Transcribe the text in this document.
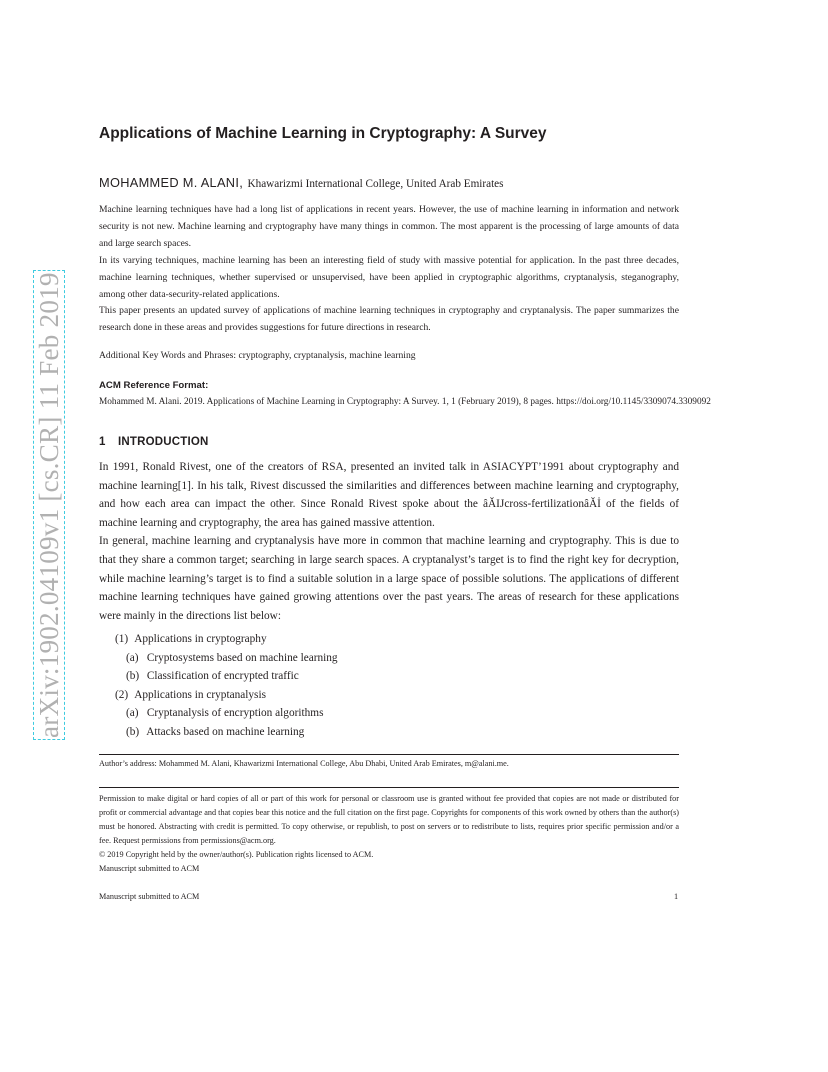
arXiv:1902.04109v1 [cs.CR] 11 Feb 2019
Applications of Machine Learning in Cryptography: A Survey
MOHAMMED M. ALANI, Khawarizmi International College, United Arab Emirates

Machine learning techniques have had a long list of applications in recent years. However, the use of machine learning in information and network security is not new. Machine learning and cryptography have many things in common. The most apparent is the processing of large amounts of data and large search spaces.

In its varying techniques, machine learning has been an interesting field of study with massive potential for application. In the past three decades, machine learning techniques, whether supervised or unsupervised, have been applied in cryptographic algorithms, cryptanalysis, steganography, among other data-security-related applications.

This paper presents an updated survey of applications of machine learning techniques in cryptography and cryptanalysis. The paper summarizes the research done in these areas and provides suggestions for future directions in research.

Additional Key Words and Phrases: cryptography, cryptanalysis, machine learning
ACM Reference Format:
Mohammed M. Alani. 2019. Applications of Machine Learning in Cryptography: A Survey. 1, 1 (February 2019), 8 pages. https://doi.org/10.1145/3309074.3309092
1 INTRODUCTION

In 1991, Ronald Rivest, one of the creators of RSA, presented an invited talk in ASIACYPT’1991 about cryptography and machine learning[1]. In his talk, Rivest discussed the similarities and differences between machine learning and cryptography, and how each area can impact the other. Since Ronald Rivest spoke about the âĂIJcross-fertilizationâĂİ of the fields of machine learning and cryptography, the area has gained massive attention.

In general, machine learning and cryptanalysis have more in common that machine learning and cryptography. This is due to that they share a common target; searching in large search spaces. A cryptanalyst’s target is to find the right key for decryption, while machine learning’s target is to find a suitable solution in a large space of possible solutions. The applications of different machine learning techniques have gained growing attentions over the past years. The areas of research for these applications were mainly in the directions list below:

(1) Applications in cryptography
(a) Cryptosystems based on machine learning
(b) Classification of encrypted traffic
(2) Applications in cryptanalysis
(a) Cryptanalysis of encryption algorithms
(b) Attacks based on machine learning
Author’s address: Mohammed M. Alani, Khawarizmi International College, Abu Dhabi, United Arab Emirates, m@alani.me.

Permission to make digital or hard copies of all or part of this work for personal or classroom use is granted without fee provided that copies are not made or distributed for profit or commercial advantage and that copies bear this notice and the full citation on the first page. Copyrights for components of this work owned by others than the author(s) must be honored. Abstracting with credit is permitted. To copy otherwise, or republish, to post on servers or to redistribute to lists, requires prior specific permission and/or a fee. Request permissions from permissions@acm.org.

© 2019 Copyright held by the owner/author(s). Publication rights licensed to ACM.

Manuscript submitted to ACM

Manuscript submitted to ACM	1
